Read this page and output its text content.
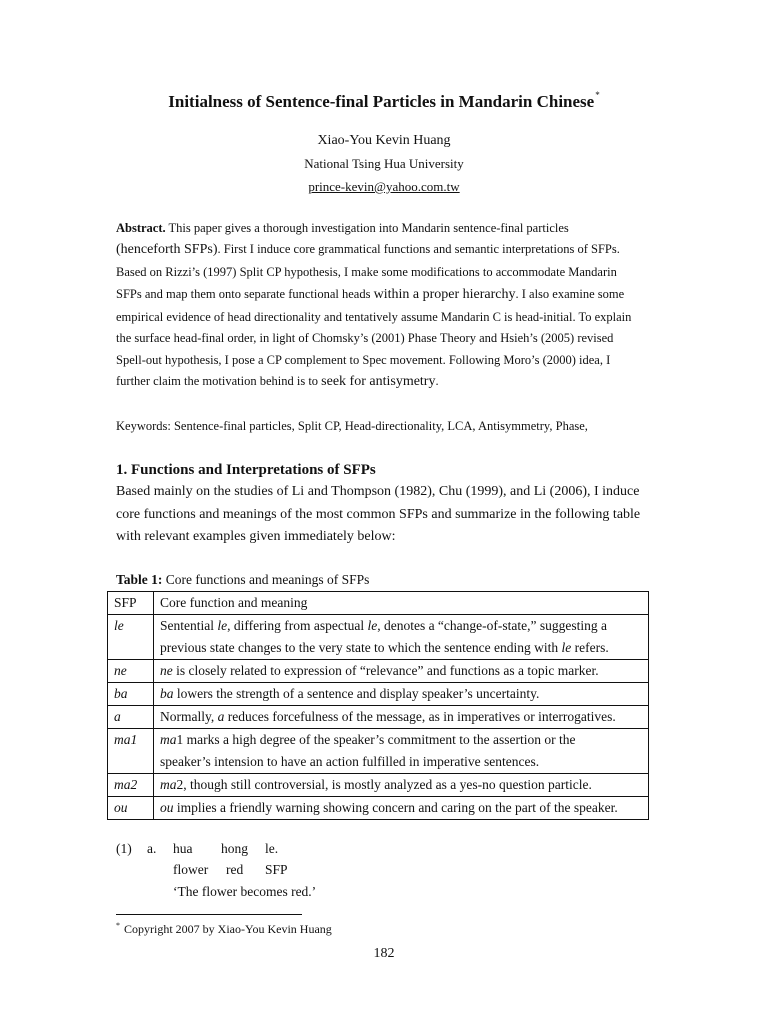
Initialness of Sentence-final Particles in Mandarin Chinese*
Xiao-You Kevin Huang
National Tsing Hua University
prince-kevin@yahoo.com.tw
Abstract. This paper gives a thorough investigation into Mandarin sentence-final particles
(henceforth SFPs). First I induce core grammatical functions and semantic interpretations of SFPs.
Based on Rizzi’s (1997) Split CP hypothesis, I make some modifications to accommodate Mandarin
SFPs and map them onto separate functional heads within a proper hierarchy. I also examine some
empirical evidence of head directionality and tentatively assume Mandarin C is head-initial. To explain
the surface head-final order, in light of Chomsky’s (2001) Phase Theory and Hsieh’s (2005) revised
Spell-out hypothesis, I pose a CP complement to Spec movement. Following Moro’s (2000) idea, I
further claim the motivation behind is to seek for antisymetry.
Keywords: Sentence-final particles, Split CP, Head-directionality, LCA, Antisymmetry, Phase,
1. Functions and Interpretations of SFPs
Based mainly on the studies of Li and Thompson (1982), Chu (1999), and Li (2006), I induce
core functions and meanings of the most common SFPs and summarize in the following table
with relevant examples given immediately below:
Table 1: Core functions and meanings of SFPs
SFP	Core function and meaning
le	Sentential le, differing from aspectual le, denotes a “change-of-state,” suggesting a
previous state changes to the very state to which the sentence ending with le refers.
ne	ne is closely related to expression of “relevance” and functions as a topic marker.
ba	ba lowers the strength of a sentence and display speaker’s uncertainty.
a	Normally, a reduces forcefulness of the message, as in imperatives or interrogatives.
ma1	ma1 marks a high degree of the speaker’s commitment to the assertion or the
speaker’s intension to have an action fulfilled in imperative sentences.
ma2	ma2, though still controversial, is mostly analyzed as a yes-no question particle.
ou	ou implies a friendly warning showing concern and caring on the part of the speaker.
(1) a. hua hong le.
flower red SFP
‘The flower becomes red.’
* Copyright 2007 by Xiao-You Kevin Huang
182
